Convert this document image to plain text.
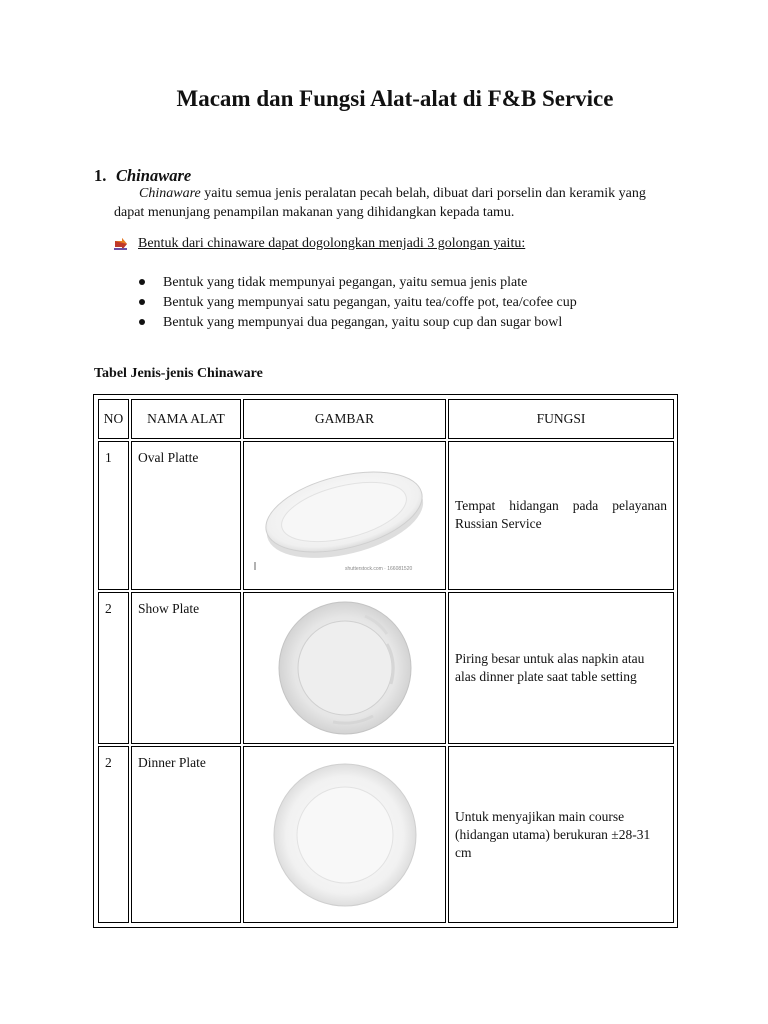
Macam dan Fungsi Alat-alat di F&B Service
1. Chinaware
Chinaware yaitu semua jenis peralatan pecah belah, dibuat dari porselin dan keramik yang dapat menunjang penampilan makanan yang dihidangkan kepada tamu.
Bentuk dari chinaware dapat dogolongkan menjadi 3 golongan yaitu:
Bentuk yang tidak mempunyai pegangan, yaitu semua jenis plate
Bentuk yang mempunyai satu pegangan, yaitu tea/coffe pot, tea/cofee cup
Bentuk yang mempunyai dua pegangan, yaitu soup cup dan sugar bowl
Tabel Jenis-jenis Chinaware
NO	NAMA ALAT	GAMBAR	FUNGSI
1	Oval Platte	shutterstock.com · 166081520	Tempat hidangan pada pelayanan Russian Service
2	Show Plate		Piring besar untuk alas napkin atau alas dinner plate saat table setting
2	Dinner Plate		Untuk menyajikan main course (hidangan utama) berukuran ±28-31 cm
